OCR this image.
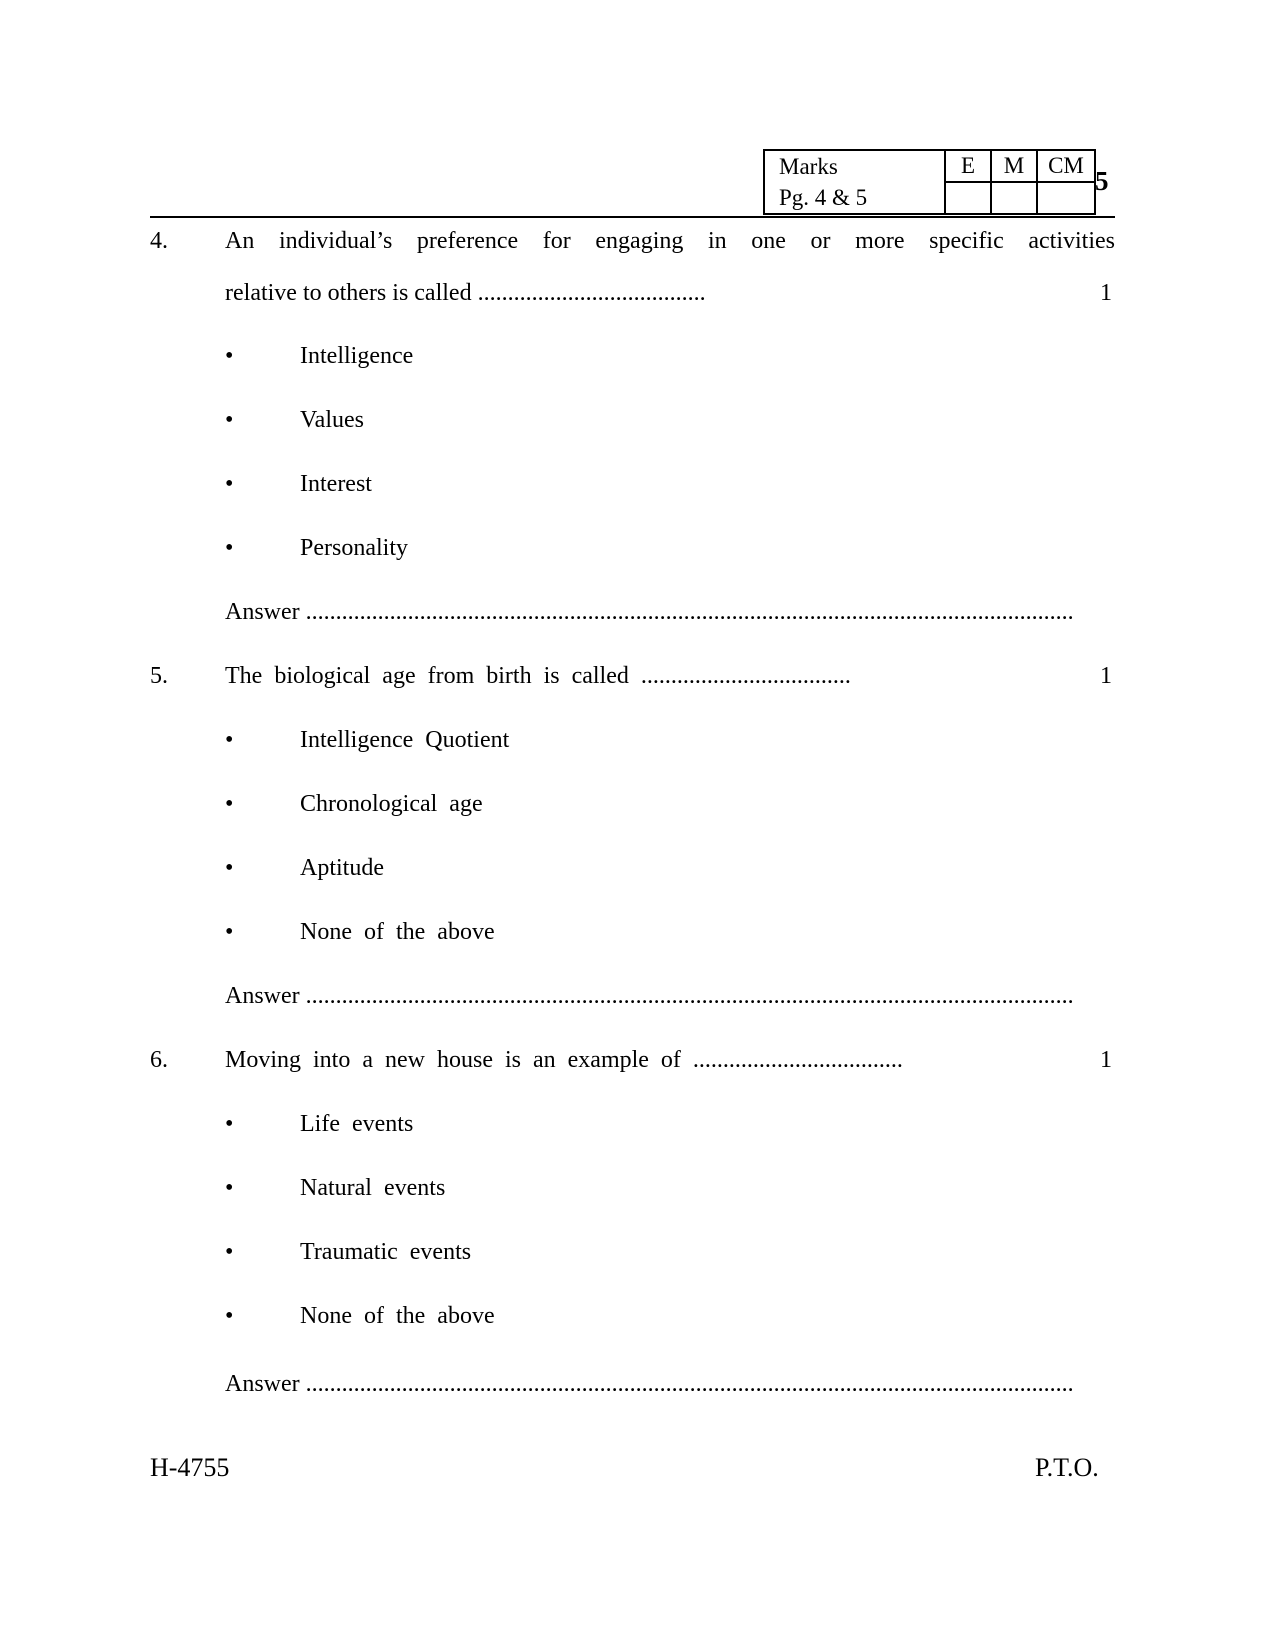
Marks	E	M	CM
Pg. 4 & 5			
5
4. An individual’s preference for engaging in one or more specific activities
relative to others is called ......................................	1
•	Intelligence
•	Values
•	Interest
•	Personality
Answer ................................................................................................................................
5. The biological age from birth is called ...................................	1
•	Intelligence Quotient
•	Chronological age
•	Aptitude
•	None of the above
Answer ................................................................................................................................
6. Moving into a new house is an example of ...................................	1
•	Life events
•	Natural events
•	Traumatic events
•	None of the above
Answer ................................................................................................................................
H-4755	P.T.O.
